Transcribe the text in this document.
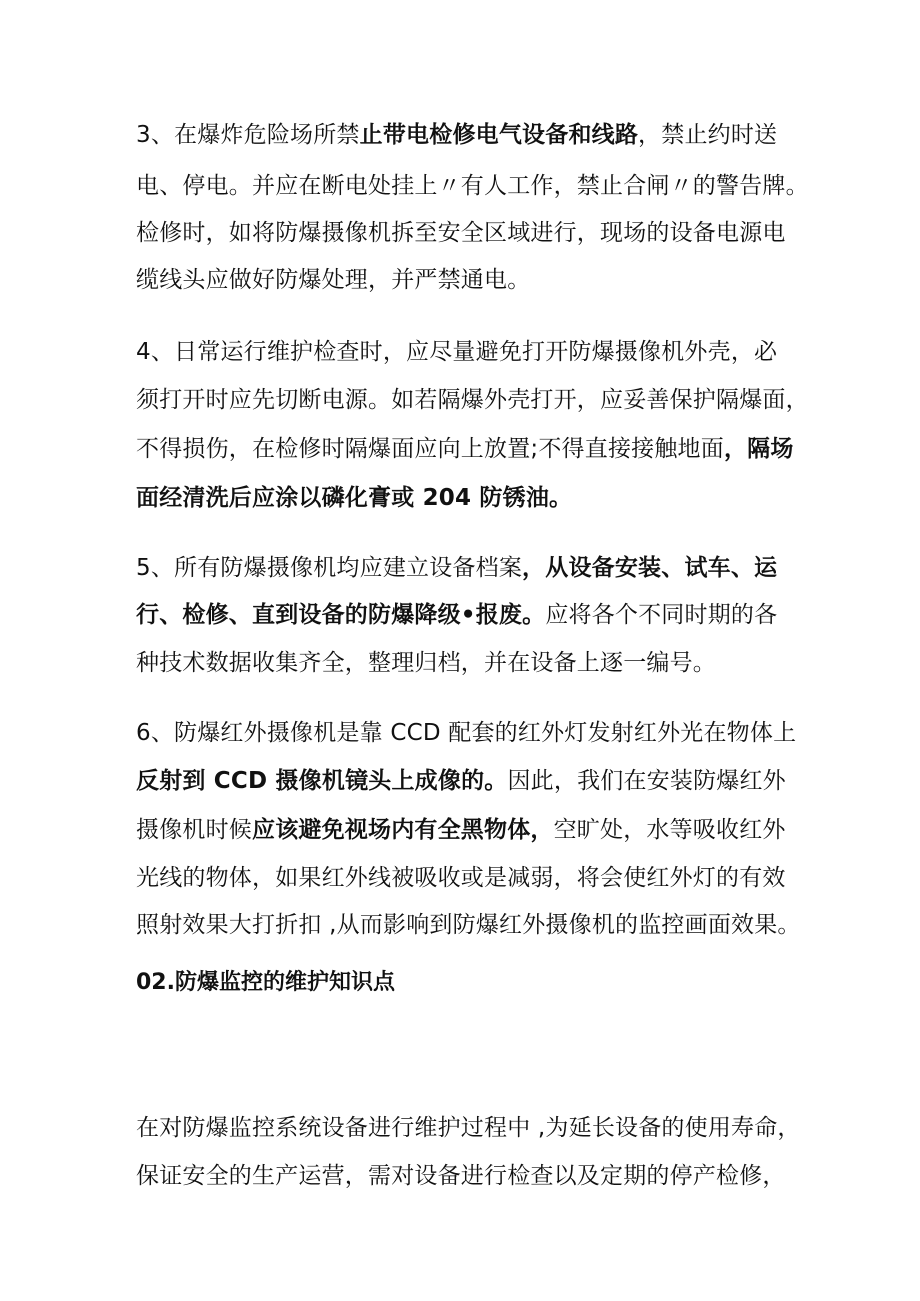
3、在爆炸危险场所禁止带电检修电气设备和线路，禁止约时送
电、停电。并应在断电处挂上〃有人工作，禁止合闸〃的警告牌。
检修时，如将防爆摄像机拆至安全区域进行，现场的设备电源电
缆线头应做好防爆处理，并严禁通电。
4、日常运行维护检查时，应尽量避免打开防爆摄像机外壳，必
须打开时应先切断电源。如若隔爆外壳打开，应妥善保护隔爆面，
不得损伤，在检修时隔爆面应向上放置;不得直接接触地面，隔场
面经清洗后应涂以磷化膏或 204 防锈油。
5、所有防爆摄像机均应建立设备档案，从设备安装、试车、运
行、检修、直到设备的防爆降级•报废。应将各个不同时期的各
种技术数据收集齐全，整理归档，并在设备上逐一编号。
6、防爆红外摄像机是靠 CCD 配套的红外灯发射红外光在物体上
反射到 CCD 摄像机镜头上成像的。因此，我们在安装防爆红外
摄像机时候应该避免视场内有全黑物体，空旷处，水等吸收红外
光线的物体，如果红外线被吸收或是减弱，将会使红外灯的有效
照射效果大打折扣 ,从而影响到防爆红外摄像机的监控画面效果。
02.防爆监控的维护知识点
在对防爆监控系统设备进行维护过程中 ,为延长设备的使用寿命，
保证安全的生产运营，需对设备进行检查以及定期的停产检修，
